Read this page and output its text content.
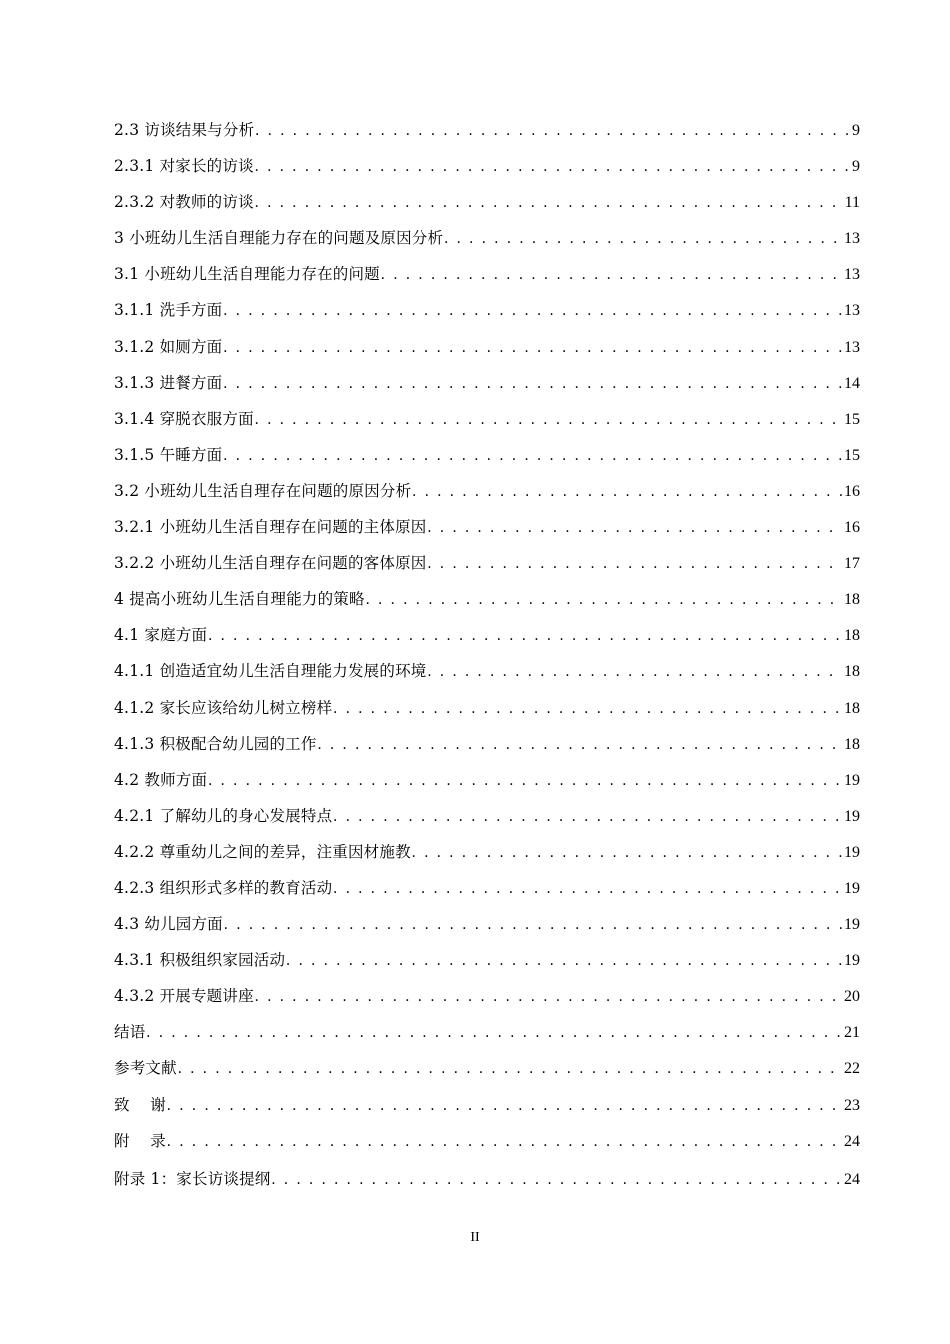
2.3 访谈结果与分析 . . .	9
2.3.1 对家长的访谈 . . .	9
2.3.2 对教师的访谈 . . .	11
3 小班幼儿生活自理能力存在的问题及原因分析 . . .	13
3.1 小班幼儿生活自理能力存在的问题 . . .	13
3.1.1 洗手方面 . . .	13
3.1.2 如厕方面 . . .	13
3.1.3 进餐方面 . . .	14
3.1.4 穿脱衣服方面 . . .	15
3.1.5 午睡方面 . . .	15
3.2 小班幼儿生活自理存在问题的原因分析 . . .	16
3.2.1 小班幼儿生活自理存在问题的主体原因 . . .	16
3.2.2 小班幼儿生活自理存在问题的客体原因 . . .	17
4 提高小班幼儿生活自理能力的策略 . . .	18
4.1 家庭方面 . . .	18
4.1.1 创造适宜幼儿生活自理能力发展的环境 . . .	18
4.1.2 家长应该给幼儿树立榜样 . . .	18
4.1.3 积极配合幼儿园的工作 . . .	18
4.2 教师方面 . . .	19
4.2.1 了解幼儿的身心发展特点 . . .	19
4.2.2 尊重幼儿之间的差异，注重因材施教 . . .	19
4.2.3 组织形式多样的教育活动 . . .	19
4.3 幼儿园方面 . . .	19
4.3.1 积极组织家园活动 . . .	19
4.3.2 开展专题讲座 . . .	20
结语 . . .	21
参考文献 . . .	22
致    谢 . . .	23
附    录 . . .	24
附录 1：家长访谈提纲 . . .	24
II
